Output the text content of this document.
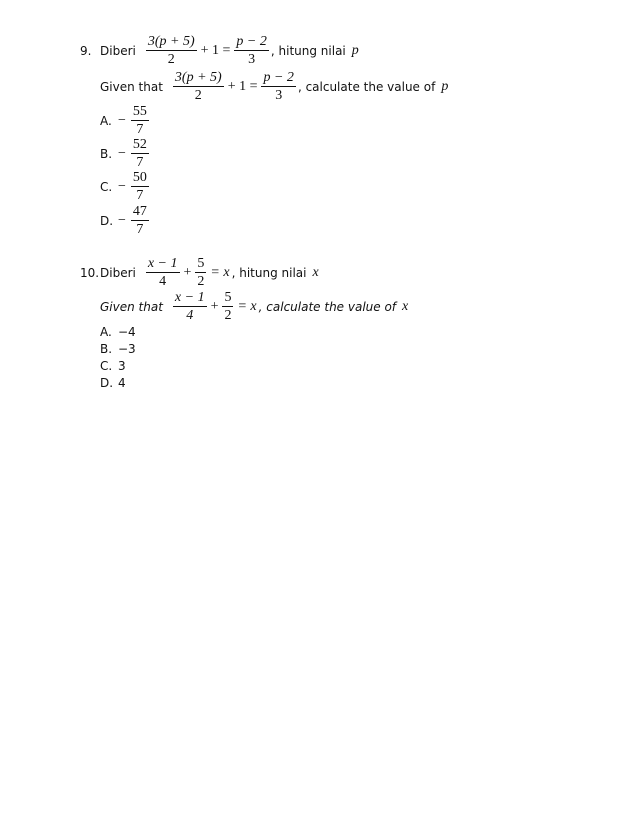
9. Diberi $\frac{3(p + 5)}{2} + 1 = \frac{p - 2}{3}$ , hitung nilai p
Given that $\frac{3(p + 5)}{2} + 1 = \frac{p - 2}{3}$ , calculate the value of p
A. − $\frac{55}{7}$
B. − $\frac{52}{7}$
C. − $\frac{50}{7}$
D. − $\frac{47}{7}$
10. Diberi $\frac{x - 1}{4} + \frac{5}{2} = x$ , hitung nilai x
Given that $\frac{x - 1}{4} + \frac{5}{2} = x$ , calculate the value of x
A. −4
B. −3
C. 3
D. 4
